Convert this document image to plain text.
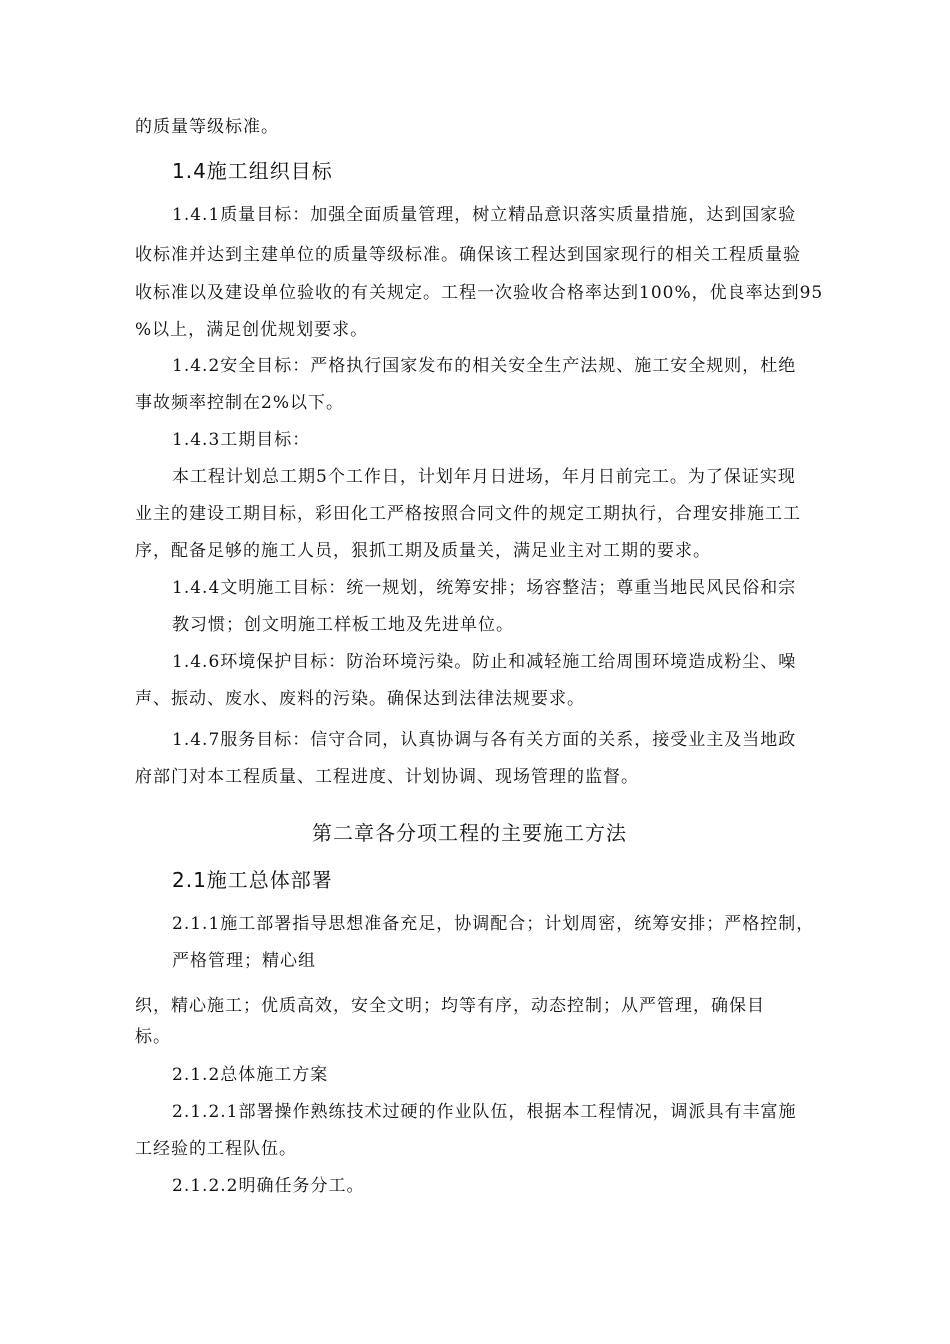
的质量等级标准。
1.4施工组织目标
1.4.1质量目标：加强全面质量管理，树立精品意识落实质量措施，达到国家验
收标准并达到主建单位的质量等级标准。确保该工程达到国家现行的相关工程质量验
收标准以及建设单位验收的有关规定。工程一次验收合格率达到100%，优良率达到95
%以上，满足创优规划要求。
1.4.2安全目标：严格执行国家发布的相关安全生产法规、施工安全规则，杜绝
事故频率控制在2%以下。
1.4.3工期目标：
本工程计划总工期5个工作日，计划年月日进场，年月日前完工。为了保证实现
业主的建设工期目标，彩田化工严格按照合同文件的规定工期执行，合理安排施工工
序，配备足够的施工人员，狠抓工期及质量关，满足业主对工期的要求。
1.4.4文明施工目标：统一规划，统筹安排；场容整洁；尊重当地民风民俗和宗
教习惯；创文明施工样板工地及先进单位。
1.4.6环境保护目标：防治环境污染。防止和减轻施工给周围环境造成粉尘、噪
声、振动、废水、废料的污染。确保达到法律法规要求。
1.4.7服务目标：信守合同，认真协调与各有关方面的关系，接受业主及当地政
府部门对本工程质量、工程进度、计划协调、现场管理的监督。
第二章各分项工程的主要施工方法
2.1施工总体部署
2.1.1施工部署指导思想准备充足，协调配合；计划周密，统筹安排；严格控制，
严格管理；精心组
织，精心施工；优质高效，安全文明；均等有序，动态控制；从严管理，确保目
标。
2.1.2总体施工方案
2.1.2.1部署操作熟练技术过硬的作业队伍，根据本工程情况，调派具有丰富施
工经验的工程队伍。
2.1.2.2明确任务分工。
